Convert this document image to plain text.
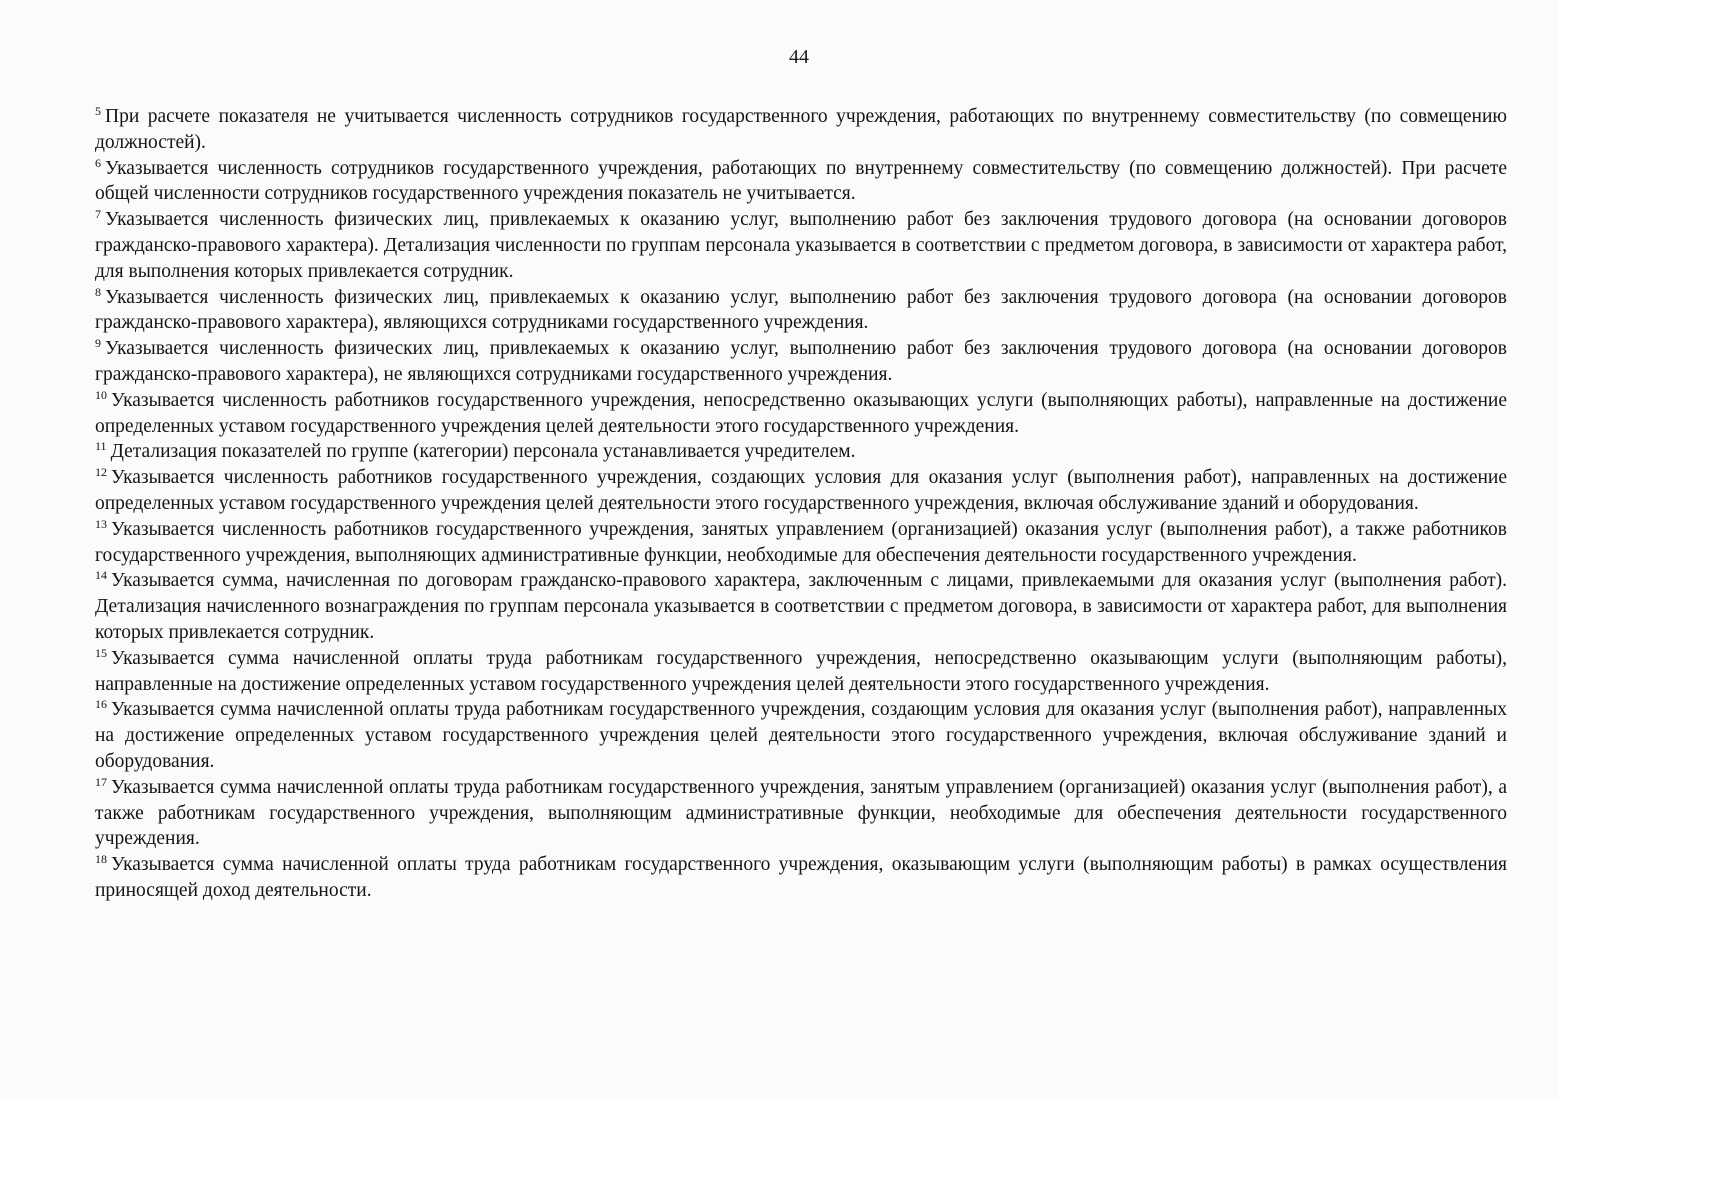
44

$^5$ При расчете показателя не учитывается численность сотрудников государственного учреждения, работающих по внутреннему совместительству (по совмещению должностей).

$^6$ Указывается численность сотрудников государственного учреждения, работающих по внутреннему совместительству (по совмещению должностей). При расчете общей численности сотрудников государственного учреждения показатель не учитывается.

$^7$ Указывается численность физических лиц, привлекаемых к оказанию услуг, выполнению работ без заключения трудового договора (на основании договоров гражданско-правового характера). Детализация численности по группам персонала указывается в соответствии с предметом договора, в зависимости от характера работ, для выполнения которых привлекается сотрудник.

$^8$ Указывается численность физических лиц, привлекаемых к оказанию услуг, выполнению работ без заключения трудового договора (на основании договоров гражданско-правового характера), являющихся сотрудниками государственного учреждения.

$^9$ Указывается численность физических лиц, привлекаемых к оказанию услуг, выполнению работ без заключения трудового договора (на основании договоров гражданско-правового характера), не являющихся сотрудниками государственного учреждения.

$^{10}$ Указывается численность работников государственного учреждения, непосредственно оказывающих услуги (выполняющих работы), направленные на достижение определенных уставом государственного учреждения целей деятельности этого государственного учреждения.

$^{11}$ Детализация показателей по группе (категории) персонала устанавливается учредителем.

$^{12}$ Указывается численность работников государственного учреждения, создающих условия для оказания услуг (выполнения работ), направленных на достижение определенных уставом государственного учреждения целей деятельности этого государственного учреждения, включая обслуживание зданий и оборудования.

$^{13}$ Указывается численность работников государственного учреждения, занятых управлением (организацией) оказания услуг (выполнения работ), а также работников государственного учреждения, выполняющих административные функции, необходимые для обеспечения деятельности государственного учреждения.

$^{14}$ Указывается сумма, начисленная по договорам гражданско-правового характера, заключенным с лицами, привлекаемыми для оказания услуг (выполнения работ). Детализация начисленного вознаграждения по группам персонала указывается в соответствии с предметом договора, в зависимости от характера работ, для выполнения которых привлекается сотрудник.

$^{15}$ Указывается сумма начисленной оплаты труда работникам государственного учреждения, непосредственно оказывающим услуги (выполняющим работы), направленные на достижение определенных уставом государственного учреждения целей деятельности этого государственного учреждения.

$^{16}$ Указывается сумма начисленной оплаты труда работникам государственного учреждения, создающим условия для оказания услуг (выполнения работ), направленных на достижение определенных уставом государственного учреждения целей деятельности этого государственного учреждения, включая обслуживание зданий и оборудования.

$^{17}$ Указывается сумма начисленной оплаты труда работникам государственного учреждения, занятым управлением (организацией) оказания услуг (выполнения работ), а также работникам государственного учреждения, выполняющим административные функции, необходимые для обеспечения деятельности государственного учреждения.

$^{18}$ Указывается сумма начисленной оплаты труда работникам государственного учреждения, оказывающим услуги (выполняющим работы) в рамках осуществления приносящей доход деятельности.
